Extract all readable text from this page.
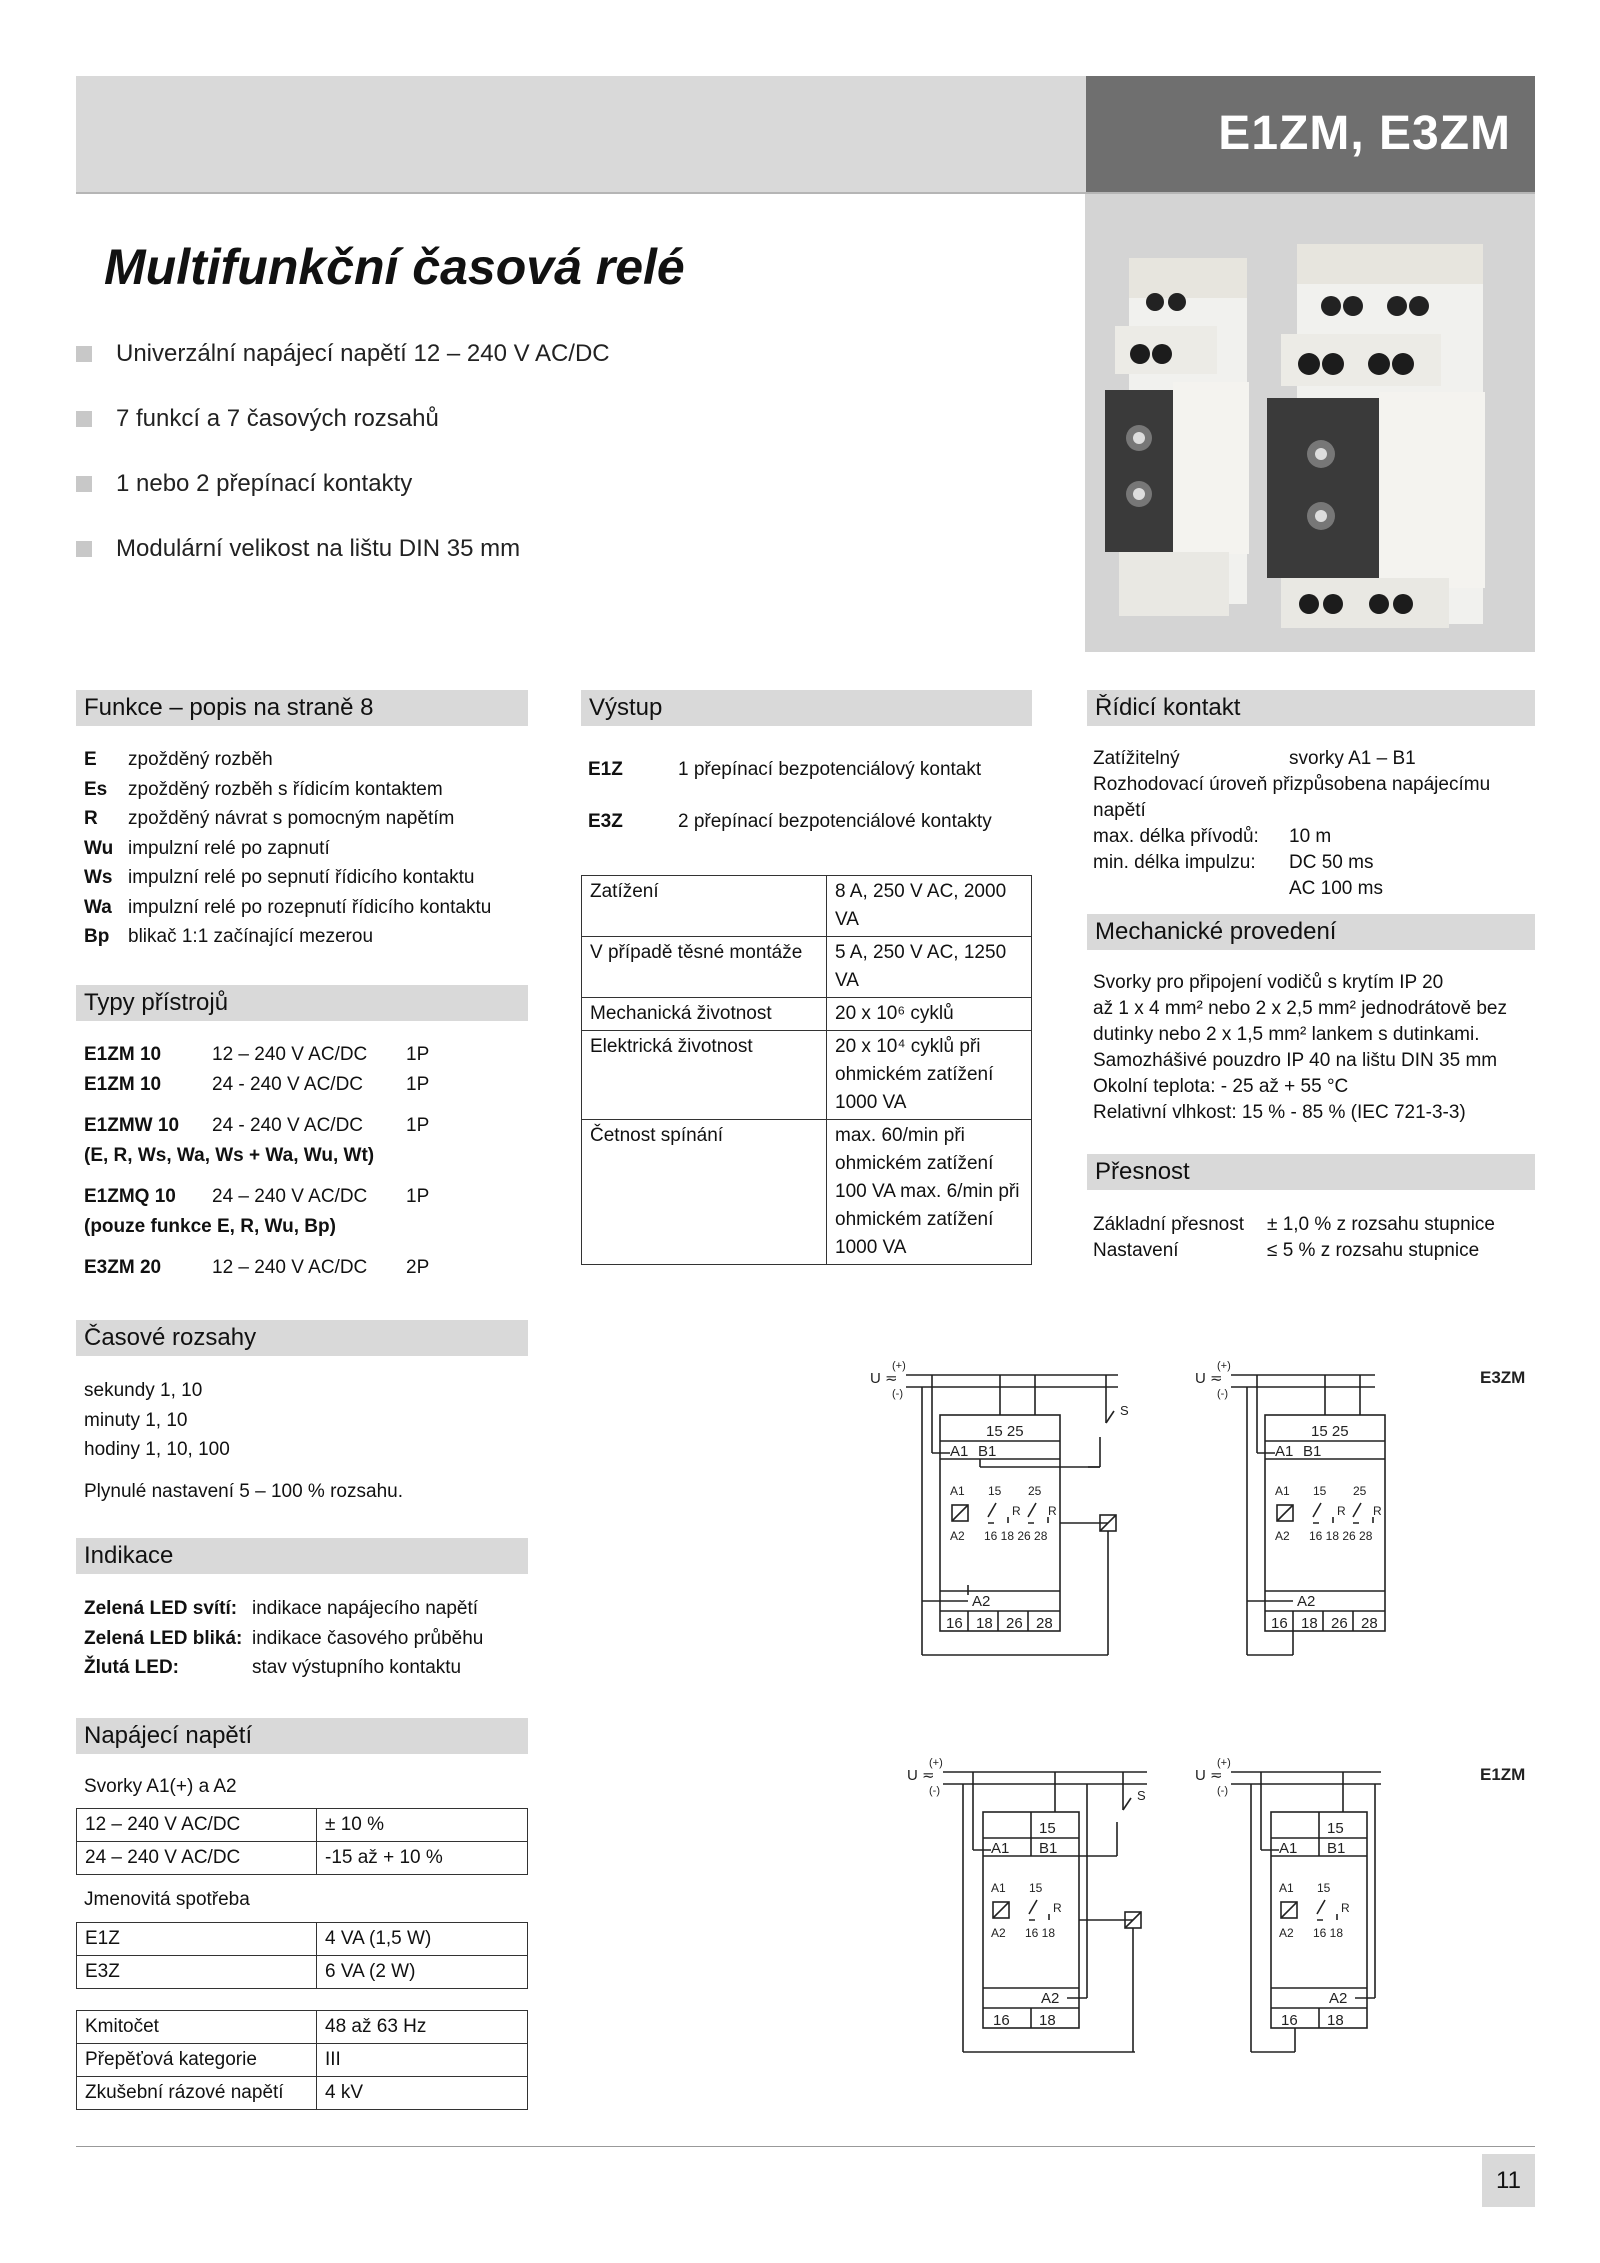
E1ZM, E3ZM
Multifunkční časová relé
Univerzální napájecí napětí 12 – 240 V AC/DC
7 funkcí a 7 časových rozsahů
1 nebo 2 přepínací kontakty
Modulární velikost na lištu DIN 35 mm
Funkce – popis na straně 8
E	zpožděný rozběh
Es	zpožděný rozběh s řídicím kontaktem
R	zpožděný návrat s pomocným napětím
Wu impulzní relé po zapnutí
Ws impulzní relé po sepnutí řídicího kontaktu
Wa impulzní relé po rozepnutí řídicího kontaktu
Bp blikač 1:1 začínající mezerou
Typy přístrojů
E1ZM 10	12 – 240 V AC/DC	1P
E1ZM 10	24 - 240 V AC/DC	1P
E1ZMW 10	24 - 240 V AC/DC	1P
(E, R, Ws, Wa, Ws + Wa, Wu, Wt)
E1ZMQ 10	24 – 240 V AC/DC	1P
(pouze funkce E, R, Wu, Bp)
E3ZM 20	12 – 240 V AC/DC	2P
Časové rozsahy
sekundy 1, 10
minuty 1, 10
hodiny 1, 10, 100
Plynulé nastavení 5 – 100 % rozsahu.
Indikace
Zelená LED svítí: indikace napájecího napětí
Zelená LED bliká: indikace časového průběhu
Žlutá LED:	stav výstupního kontaktu
Napájecí napětí
Svorky A1(+) a A2
12 – 240 V AC/DC	± 10 %
24 – 240 V AC/DC	-15 až + 10 %
Jmenovitá spotřeba
E1Z	4 VA (1,5 W)
E3Z	6 VA (2 W)
Kmitočet	48 až 63 Hz
Přepěťová kategorie	III
Zkušební rázové napětí	4 kV
Výstup
E1Z	1 přepínací bezpotenciálový kontakt
E3Z	2 přepínací bezpotenciálové kontakty
Zatížení	8 A, 250 V AC, 2000 VA
V případě těsné montáže	5 A, 250 V AC, 1250 VA
Mechanická životnost	20 x 10⁶ cyklů
Elektrická životnost	20 x 10⁴ cyklů při ohmickém zatížení 1000 VA
Četnost spínání	max. 60/min při ohmickém zatížení 100 VA max. 6/min při ohmickém zatížení 1000 VA
Řídicí kontakt
Zatížitelný	svorky A1 – B1
Rozhodovací úroveň přizpůsobena napájecímu napětí
max. délka přívodů:	10 m
min. délka impulzu:	DC 50 ms
AC 100 ms
Mechanické provedení
Svorky pro připojení vodičů s krytím IP 20
až 1 x 4 mm² nebo 2 x 2,5 mm² jednodrátově bez
dutinky nebo 2 x 1,5 mm² lankem s dutinkami.
Samozhášivé pouzdro IP 40 na lištu DIN 35 mm
Okolní teplota: - 25 až + 55 °C
Relativní vlhkost: 15 % - 85 % (IEC 721-3-3)
Přesnost
Základní přesnost	± 1,0 % z rozsahu stupnice
Nastavení	≤ 5 % z rozsahu stupnice
U ≂
(+)
(-)
15 25
A1 B1
A1 15 25
R R
A2 16 18 26 28
A2
16 18 26 28
S
U ≂
(+)
(-)
15 25
A1 B1
A1 15 25
R R
A2 16 18 26 28
A2
16 18 26 28
E3ZM
U ≂
(+)
(-)
15
A1 B1
A1 15
R
A2 16 18
A2
16 18
S
U ≂
(+)
(-)
15
A1 B1
A1 15
R
A2 16 18
A2
16 18
E1ZM
11
